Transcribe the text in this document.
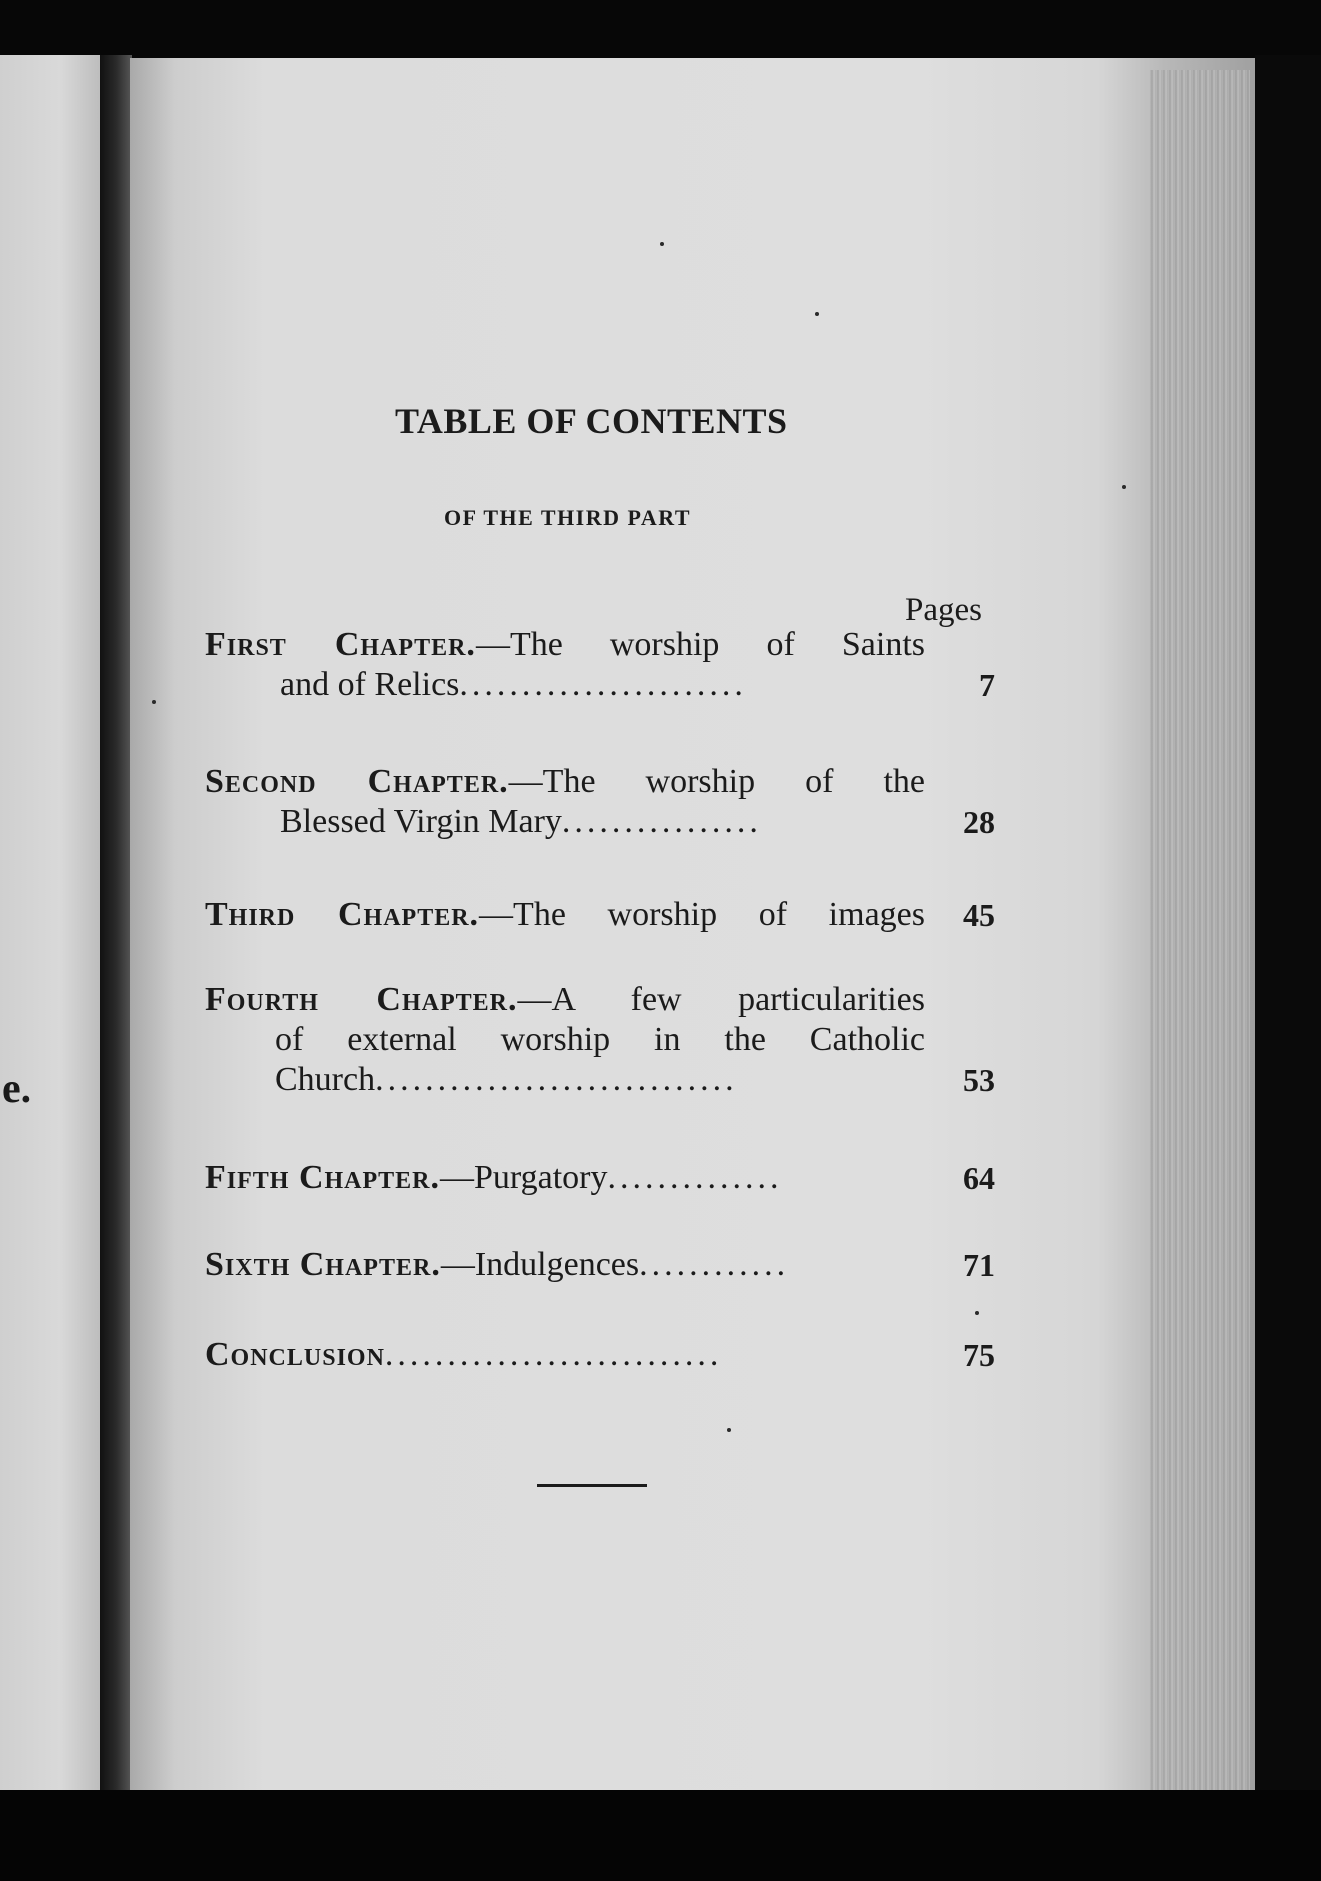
e.
TABLE OF CONTENTS
OF THE THIRD PART
Pages
First Chapter.—The worship of Saints
and of Relics.......................	7
Second Chapter.—The worship of the
Blessed Virgin Mary................	28
Third Chapter.—The worship of images	45
Fourth Chapter.—A few particularities
of external worship in the Catholic
Church.............................	53
Fifth Chapter.—Purgatory..............	64
Sixth Chapter.—Indulgences............	71
Conclusion...........................	75
